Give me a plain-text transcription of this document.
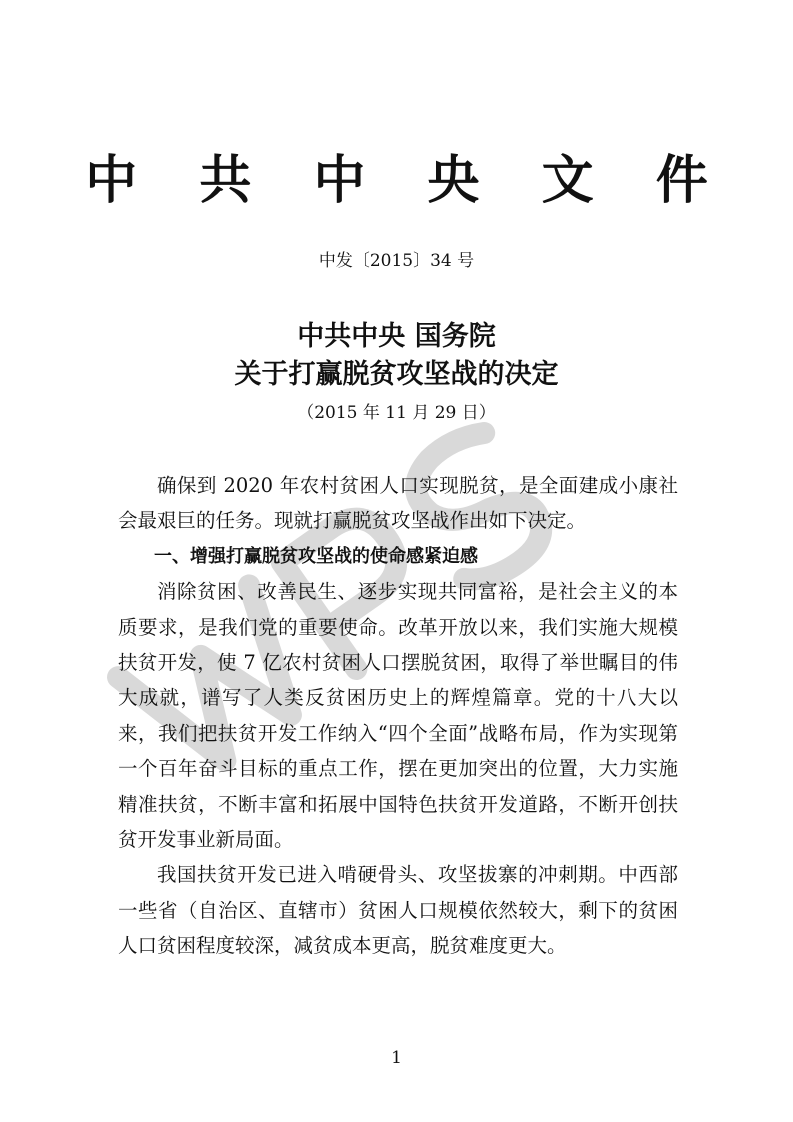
中 共 中 央 文 件
中发〔2015〕34 号
中共中央 国务院
关于打赢脱贫攻坚战的决定
（2015 年 11 月 29 日）

确保到 2020 年农村贫困人口实现脱贫，是全面建成小康社会最艰巨的任务。现就打赢脱贫攻坚战作出如下决定。

一、增强打赢脱贫攻坚战的使命感紧迫感

消除贫困、改善民生、逐步实现共同富裕，是社会主义的本质要求，是我们党的重要使命。改革开放以来，我们实施大规模扶贫开发，使 7 亿农村贫困人口摆脱贫困，取得了举世瞩目的伟大成就，谱写了人类反贫困历史上的辉煌篇章。党的十八大以来，我们把扶贫开发工作纳入“四个全面”战略布局，作为实现第一个百年奋斗目标的重点工作，摆在更加突出的位置，大力实施精准扶贫，不断丰富和拓展中国特色扶贫开发道路，不断开创扶贫开发事业新局面。

我国扶贫开发已进入啃硬骨头、攻坚拔寨的冲刺期。中西部一些省（自治区、直辖市）贫困人口规模依然较大，剩下的贫困人口贫困程度较深，减贫成本更高，脱贫难度更大。

1
